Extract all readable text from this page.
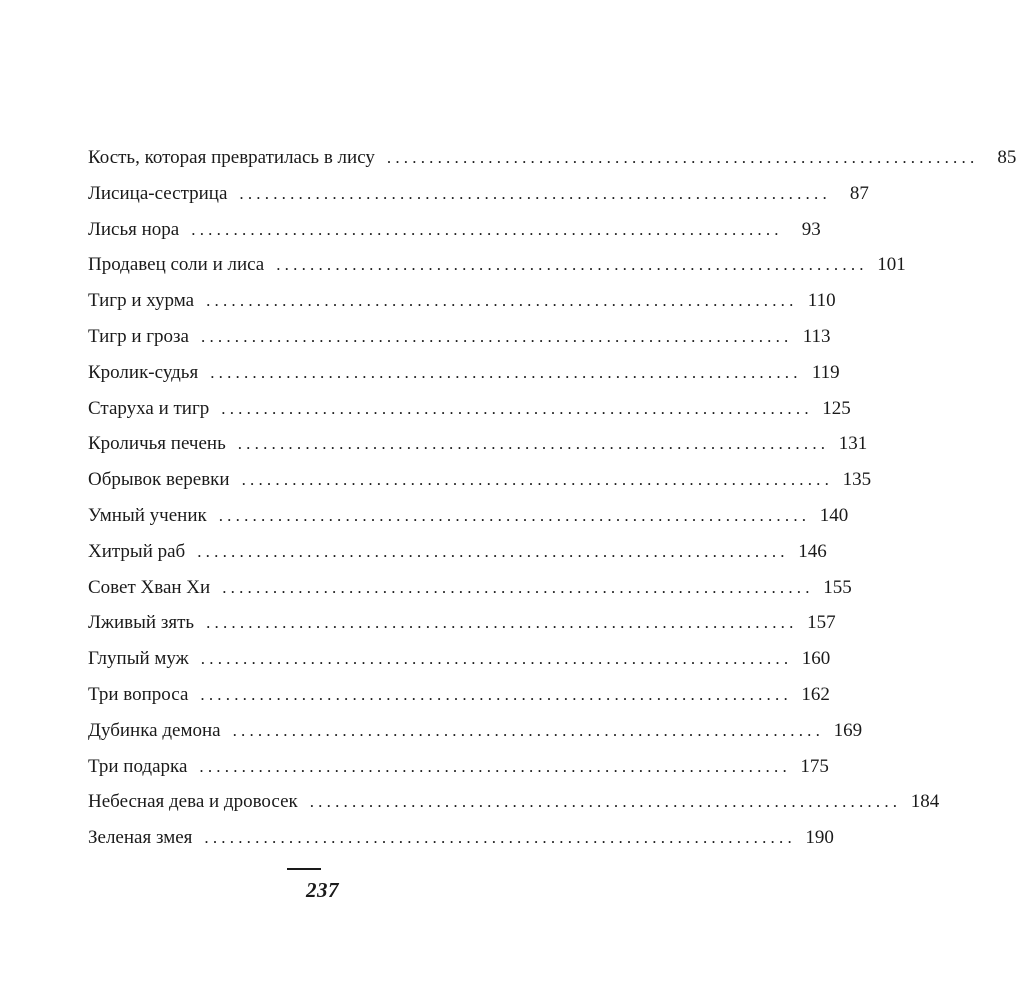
Кость, которая превратилась в лису ......................................................................	85
Лисица-сестрица ......................................................................	87
Лисья нора ......................................................................	93
Продавец соли и лиса ...................................................................... 101
Тигр и хурма ...................................................................... 110
Тигр и гроза ...................................................................... 113
Кролик-судья ...................................................................... 119
Старуха и тигр ...................................................................... 125
Кроличья печень ...................................................................... 131
Обрывок веревки ...................................................................... 135
Умный ученик ...................................................................... 140
Хитрый раб ...................................................................... 146
Совет Хван Хи ...................................................................... 155
Лживый зять ...................................................................... 157
Глупый муж ...................................................................... 160
Три вопроса ...................................................................... 162
Дубинка демона ...................................................................... 169
Три подарка ...................................................................... 175
Небесная дева и дровосек ...................................................................... 184
Зеленая змея ...................................................................... 190
237
